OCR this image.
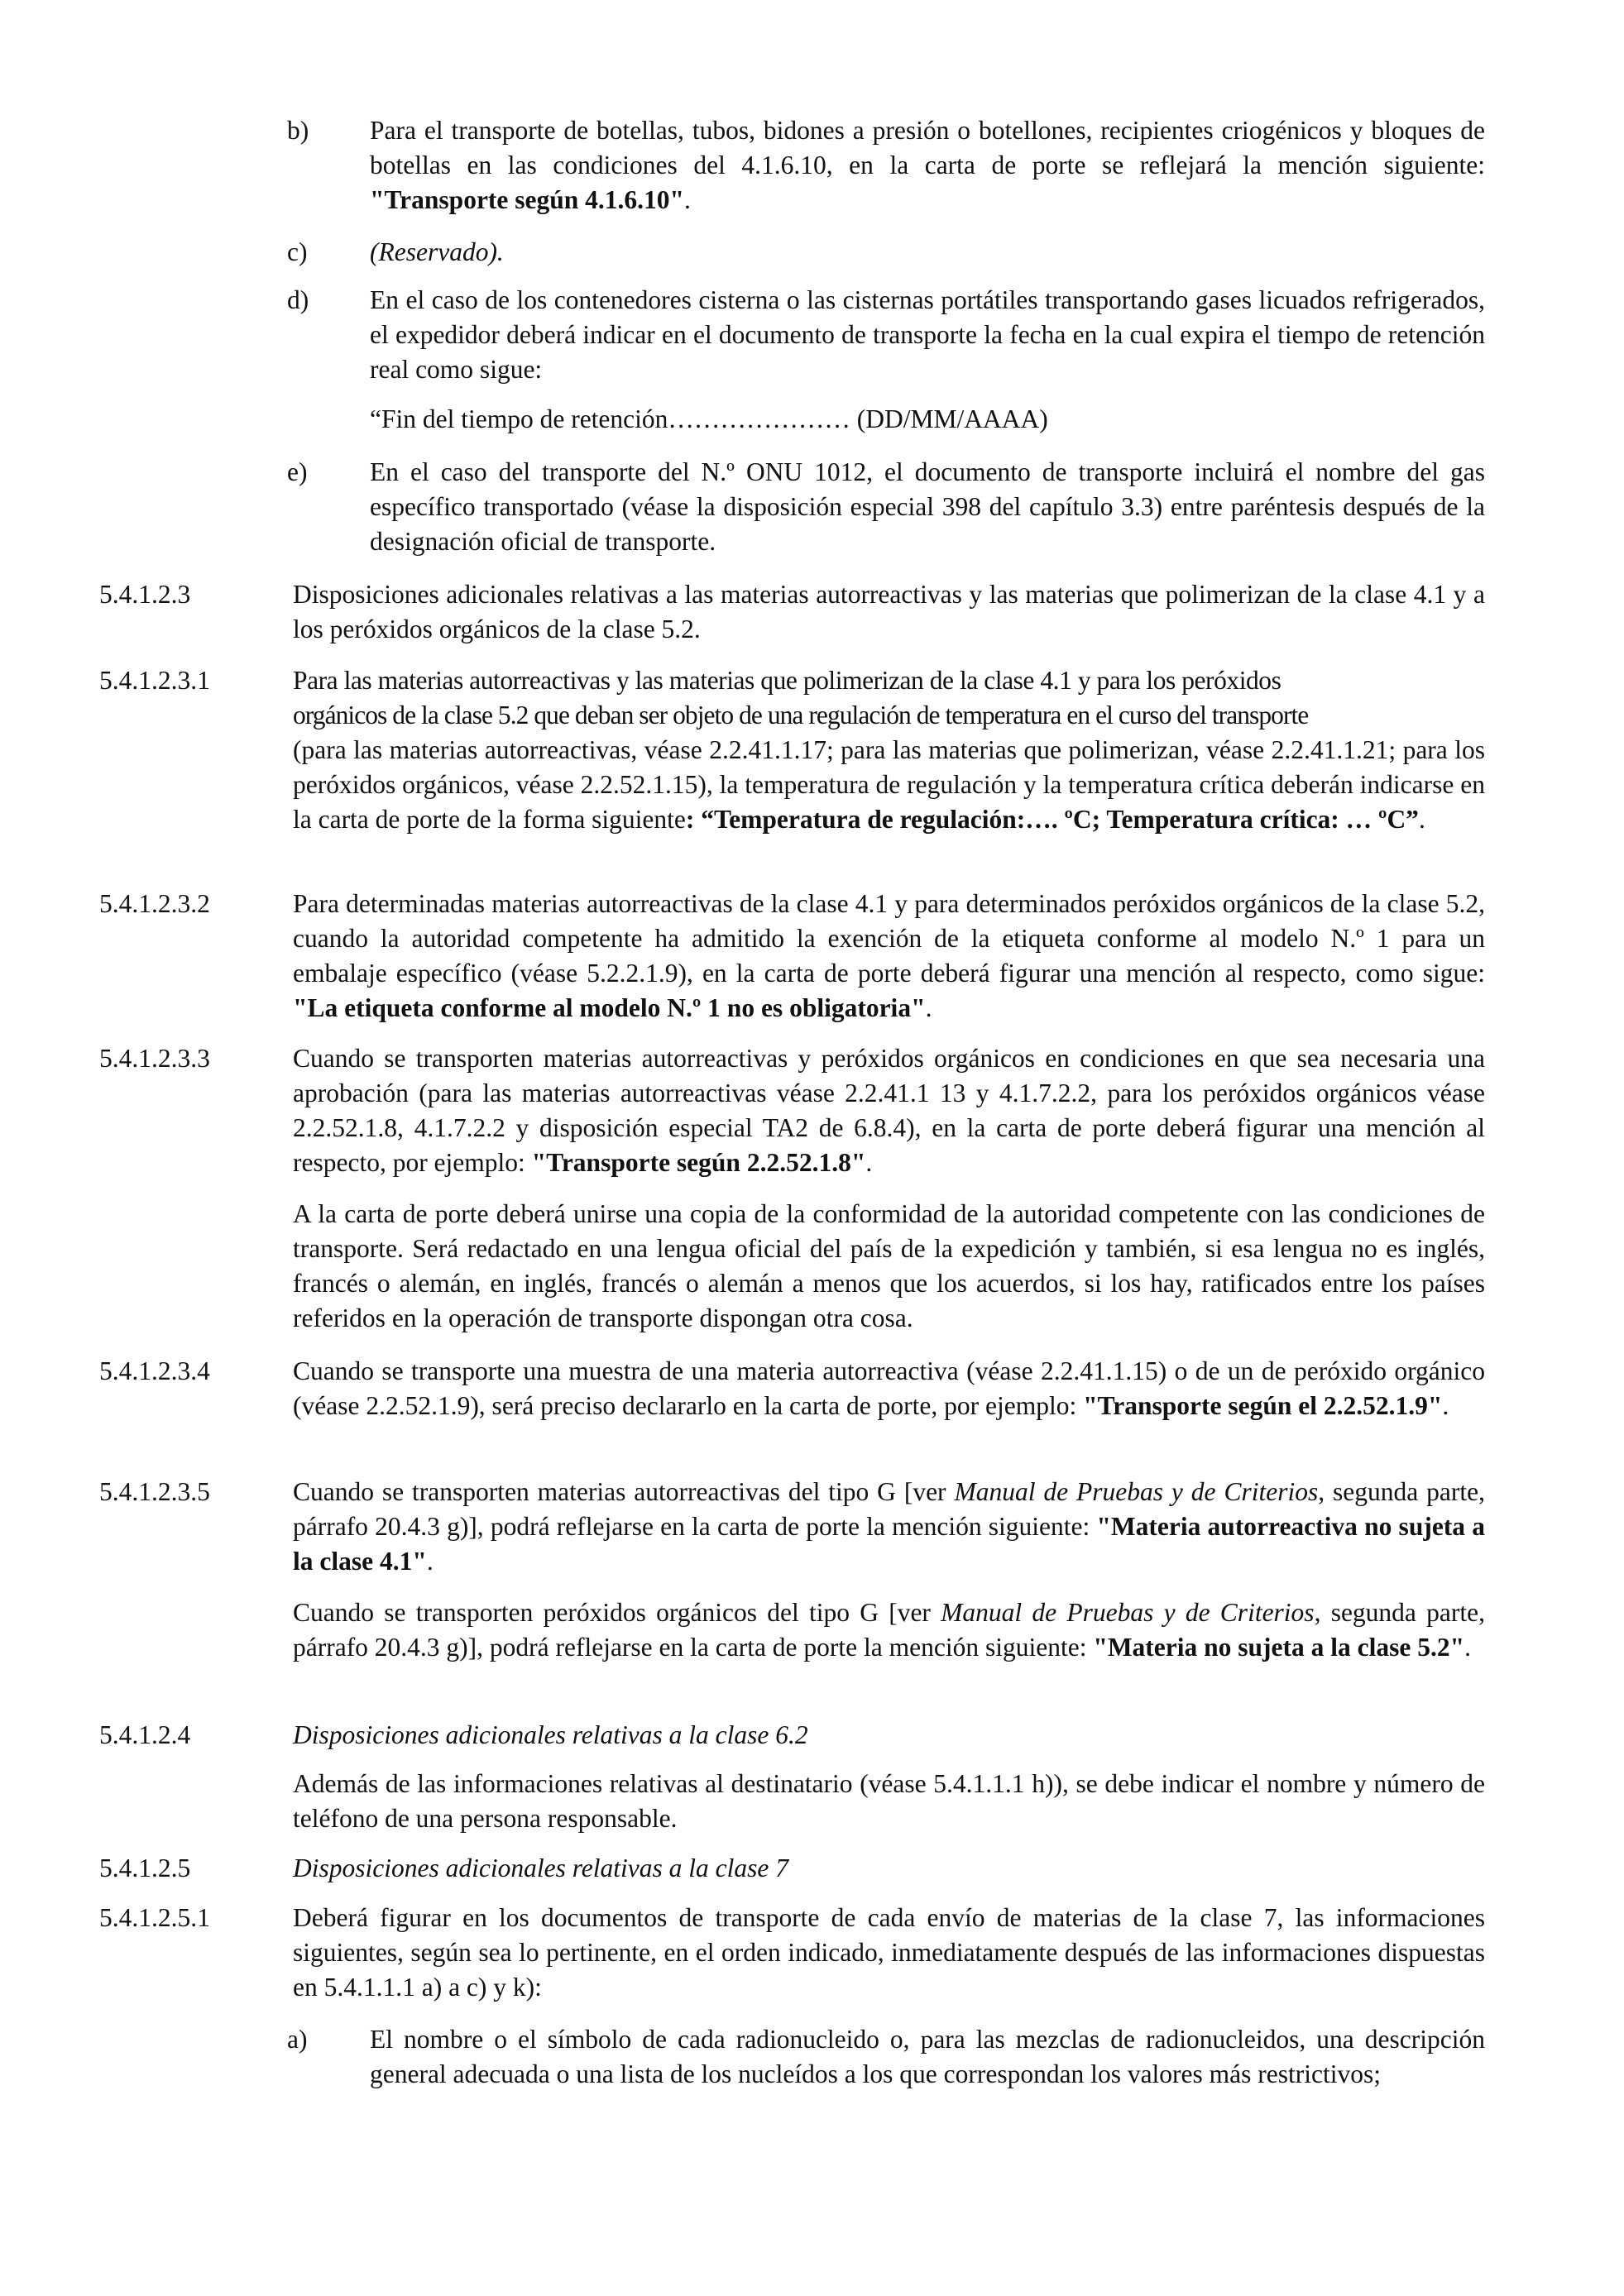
b) Para el transporte de botellas, tubos, bidones a presión o botellones, recipientes criogénicos y bloques de botellas en las condiciones del 4.1.6.10, en la carta de porte se reflejará la mención siguiente: "Transporte según 4.1.6.10".
c) (Reservado).
d) En el caso de los contenedores cisterna o las cisternas portátiles transportando gases licuados refrigerados, el expedidor deberá indicar en el documento de transporte la fecha en la cual expira el tiempo de retención real como sigue:
“Fin del tiempo de retención………………… (DD/MM/AAAA)
e) En el caso del transporte del N.º ONU 1012, el documento de transporte incluirá el nombre del gas específico transportado (véase la disposición especial 398 del capítulo 3.3) entre paréntesis después de la designación oficial de transporte.
5.4.1.2.3	Disposiciones adicionales relativas a las materias autorreactivas y las materias que polimerizan de la clase 4.1 y a los peróxidos orgánicos de la clase 5.2.
5.4.1.2.3.1	Para las materias autorreactivas y las materias que polimerizan de la clase 4.1 y para los peróxidos
orgánicos de la clase 5.2 que deban ser objeto de una regulación de temperatura en el curso del transporte
(para las materias autorreactivas, véase 2.2.41.1.17; para las materias que polimerizan, véase 2.2.41.1.21; para los peróxidos orgánicos, véase 2.2.52.1.15), la temperatura de regulación y la temperatura crítica deberán indicarse en la carta de porte de la forma siguiente: “Temperatura de regulación:…. ºC; Temperatura crítica: … ºC”.
5.4.1.2.3.2	Para determinadas materias autorreactivas de la clase 4.1 y para determinados peróxidos orgánicos de la clase 5.2, cuando la autoridad competente ha admitido la exención de la etiqueta conforme al modelo N.º 1 para un embalaje específico (véase 5.2.2.1.9), en la carta de porte deberá figurar una mención al respecto, como sigue: "La etiqueta conforme al modelo N.º 1 no es obligatoria".
5.4.1.2.3.3	Cuando se transporten materias autorreactivas y peróxidos orgánicos en condiciones en que sea necesaria una aprobación (para las materias autorreactivas véase 2.2.41.1 13 y 4.1.7.2.2, para los peróxidos orgánicos véase 2.2.52.1.8, 4.1.7.2.2 y disposición especial TA2 de 6.8.4), en la carta de porte deberá figurar una mención al respecto, por ejemplo: "Transporte según 2.2.52.1.8".
A la carta de porte deberá unirse una copia de la conformidad de la autoridad competente con las condiciones de transporte. Será redactado en una lengua oficial del país de la expedición y también, si esa lengua no es inglés, francés o alemán, en inglés, francés o alemán a menos que los acuerdos, si los hay, ratificados entre los países referidos en la operación de transporte dispongan otra cosa.
5.4.1.2.3.4	Cuando se transporte una muestra de una materia autorreactiva (véase 2.2.41.1.15) o de un de peróxido orgánico (véase 2.2.52.1.9), será preciso declararlo en la carta de porte, por ejemplo: "Transporte según el 2.2.52.1.9".
5.4.1.2.3.5	Cuando se transporten materias autorreactivas del tipo G [ver Manual de Pruebas y de Criterios, segunda parte, párrafo 20.4.3 g)], podrá reflejarse en la carta de porte la mención siguiente: "Materia autorreactiva no sujeta a la clase 4.1".
Cuando se transporten peróxidos orgánicos del tipo G [ver Manual de Pruebas y de Criterios, segunda parte, párrafo 20.4.3 g)], podrá reflejarse en la carta de porte la mención siguiente: "Materia no sujeta a la clase 5.2".
5.4.1.2.4	Disposiciones adicionales relativas a la clase 6.2
Además de las informaciones relativas al destinatario (véase 5.4.1.1.1 h)), se debe indicar el nombre y número de teléfono de una persona responsable.
5.4.1.2.5	Disposiciones adicionales relativas a la clase 7
5.4.1.2.5.1	Deberá figurar en los documentos de transporte de cada envío de materias de la clase 7, las informaciones siguientes, según sea lo pertinente, en el orden indicado, inmediatamente después de las informaciones dispuestas en 5.4.1.1.1 a) a c) y k):
a) El nombre o el símbolo de cada radionucleido o, para las mezclas de radionucleidos, una descripción general adecuada o una lista de los nucleídos a los que correspondan los valores más restrictivos;
